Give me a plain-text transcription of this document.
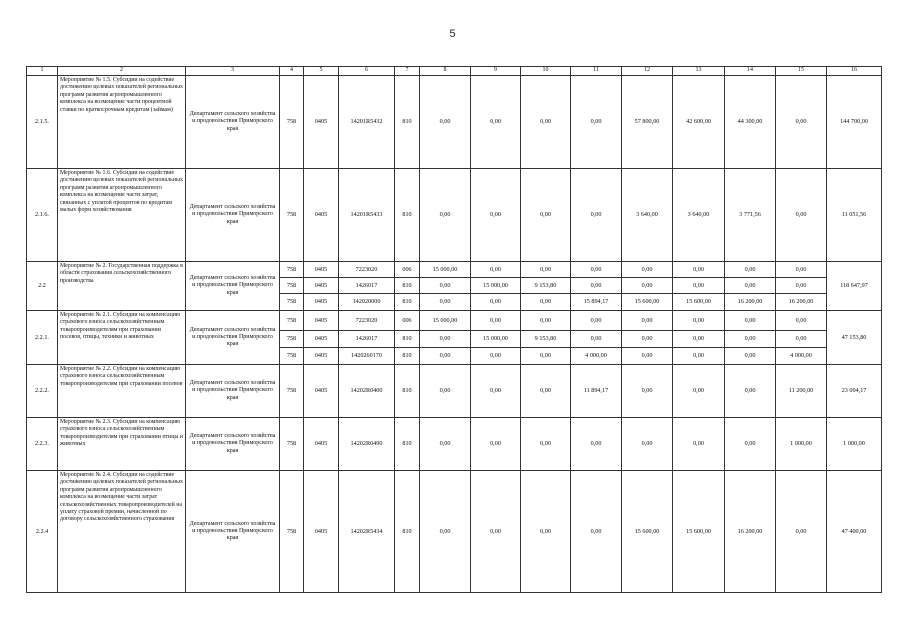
5
1	2	3	4	5	6	7	8	9	10	11	12	13	14	15	16
2.1.5.	Мероприятие № 1.5. Субсидии на содействие достижению целевых показателей региональных программ развития агропромышленного комплекса на возмещение части процентной ставки по краткосрочным кредитам (займам)	Департамент сельского хозяйства и продовольствия Приморского края	758	0405	14201R5432	810	0,00	0,00	0,00	0,00	57 800,00	42 600,00	44 300,00	0,00	144 700,00
2.1.6.	Мероприятие № 1.6. Субсидии на содействие достижению целевых показателей региональных программ развития агропромышленного комплекса на возмещение части затрат, связанных с уплатой процентов по кредитам малых форм хозяйствования	Департамент сельского хозяйства и продовольствия Приморского края	758	0405	14201R5433	810	0,00	0,00	0,00	0,00	3 640,00	3 640,00	3 771,56	0,00	11 051,56
2.2	Мероприятие № 2. Государственная поддержка в области страхования сельскохозяйственного производства	Департамент сельского хозяйства и продовольствия Приморского края	758	0405	7223020	006	15 000,00	0,00	0,00	0,00	0,00	0,00	0,00	0,00	118 647,97
			758	0405	1426017	810	0,00	15 000,00	9 153,80	0,00	0,00	0,00	0,00	0,00	
			758	0405	142020000	810	0,00	0,00	0,00	15 894,17	15 600,00	15 600,00	16 200,00	16 200,00	
2.2.1.	Мероприятие № 2.1. Субсидии на компенсацию страхового взноса сельскохозяйственным товаропроизводителям при страховании посевов, птицы, техники и животных	Департамент сельского хозяйства и продовольствия Приморского края	758	0405	7223020	006	15 000,00	0,00	0,00	0,00	0,00	0,00	0,00	0,00	47 153,80
			758	0405	1426017	810	0,00	15 000,00	9 153,80	0,00	0,00	0,00	0,00	0,00	
			758	0405	1420260170	810	0,00	0,00	0,00	4 000,00	0,00	0,00	0,00	4 000,00	
2.2.2.	Мероприятие № 2.2. Субсидии на компенсацию страхового взноса сельскохозяйственным товаропроизводителям при страховании посевов	Департамент сельского хозяйства и продовольствия Приморского края	758	0405	14202R0400	810	0,00	0,00	0,00	11 894,17	0,00	0,00	0,00	11 200,00	23 094,17
2.2.3.	Мероприятие № 2.3. Субсидии на компенсацию страхового взноса сельскохозяйственным товаропроизводителям при страховании птицы и животных	Департамент сельского хозяйства и продовольствия Приморского края	758	0405	14202R0490	810	0,00	0,00	0,00	0,00	0,00	0,00	0,00	1 000,00	1 000,00
2.2.4	Мероприятие № 2.4. Субсидии на содействие достижению целевых показателей региональных программ развития агропромышленного комплекса на возмещение части затрат сельскохозяйственных товаропроизводителей на уплату страховой премии, начисленной по договору сельскохозяйственного страхования	Департамент сельского хозяйства и продовольствия Приморского края	758	0405	14202R5434	810	0,00	0,00	0,00	0,00	15 600,00	15 600,00	16 200,00	0,00	47 400,00
